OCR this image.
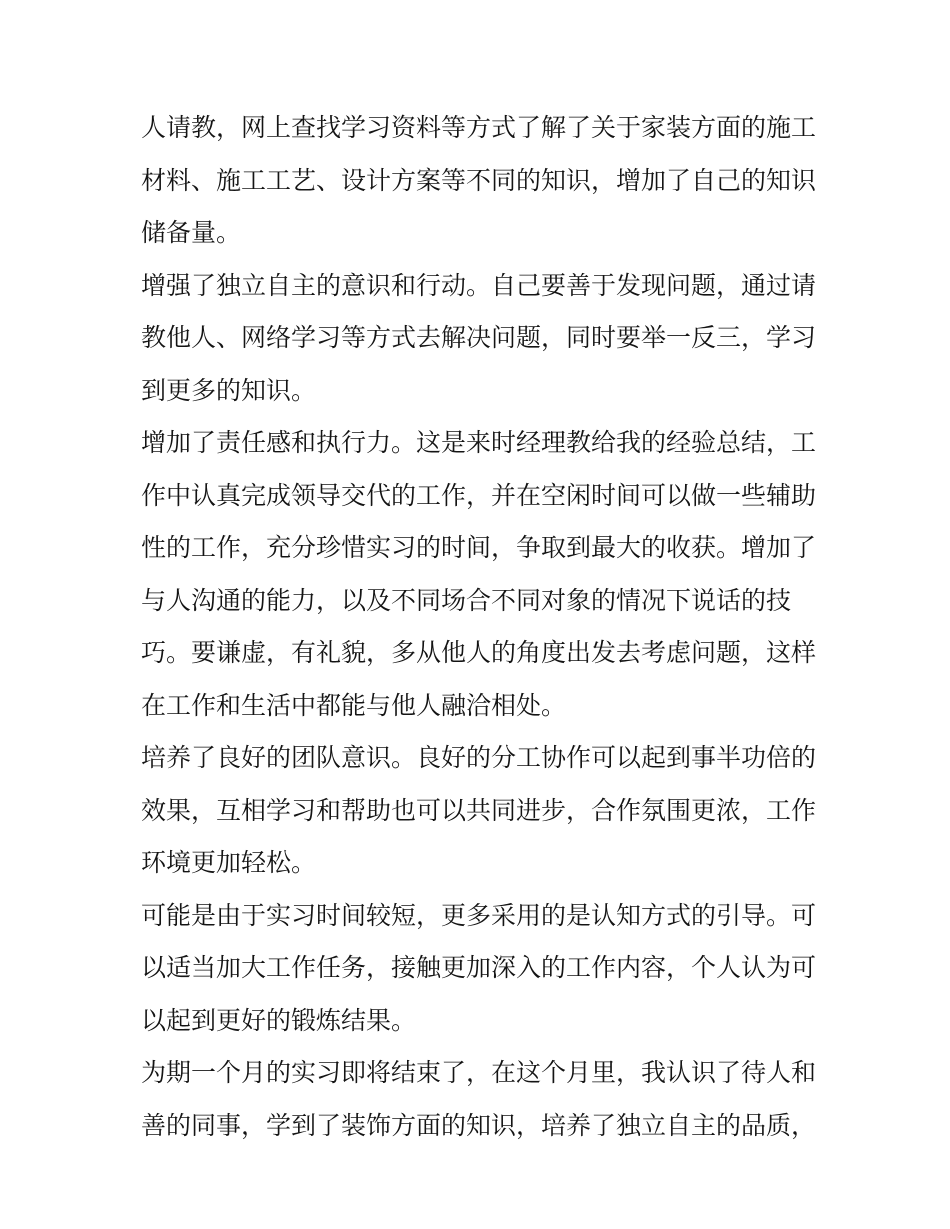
人请教，网上查找学习资料等方式了解了关于家装方面的施工
材料、施工工艺、设计方案等不同的知识，增加了自己的知识
储备量。
增强了独立自主的意识和行动。自己要善于发现问题，通过请
教他人、网络学习等方式去解决问题，同时要举一反三，学习
到更多的知识。
增加了责任感和执行力。这是来时经理教给我的经验总结，工
作中认真完成领导交代的工作，并在空闲时间可以做一些辅助
性的工作，充分珍惜实习的时间，争取到最大的收获。增加了
与人沟通的能力，以及不同场合不同对象的情况下说话的技
巧。要谦虚，有礼貌，多从他人的角度出发去考虑问题，这样
在工作和生活中都能与他人融洽相处。
培养了良好的团队意识。良好的分工协作可以起到事半功倍的
效果，互相学习和帮助也可以共同进步，合作氛围更浓，工作
环境更加轻松。
可能是由于实习时间较短，更多采用的是认知方式的引导。可
以适当加大工作任务，接触更加深入的工作内容，个人认为可
以起到更好的锻炼结果。
为期一个月的实习即将结束了，在这个月里，我认识了待人和
善的同事，学到了装饰方面的知识，培养了独立自主的品质，
